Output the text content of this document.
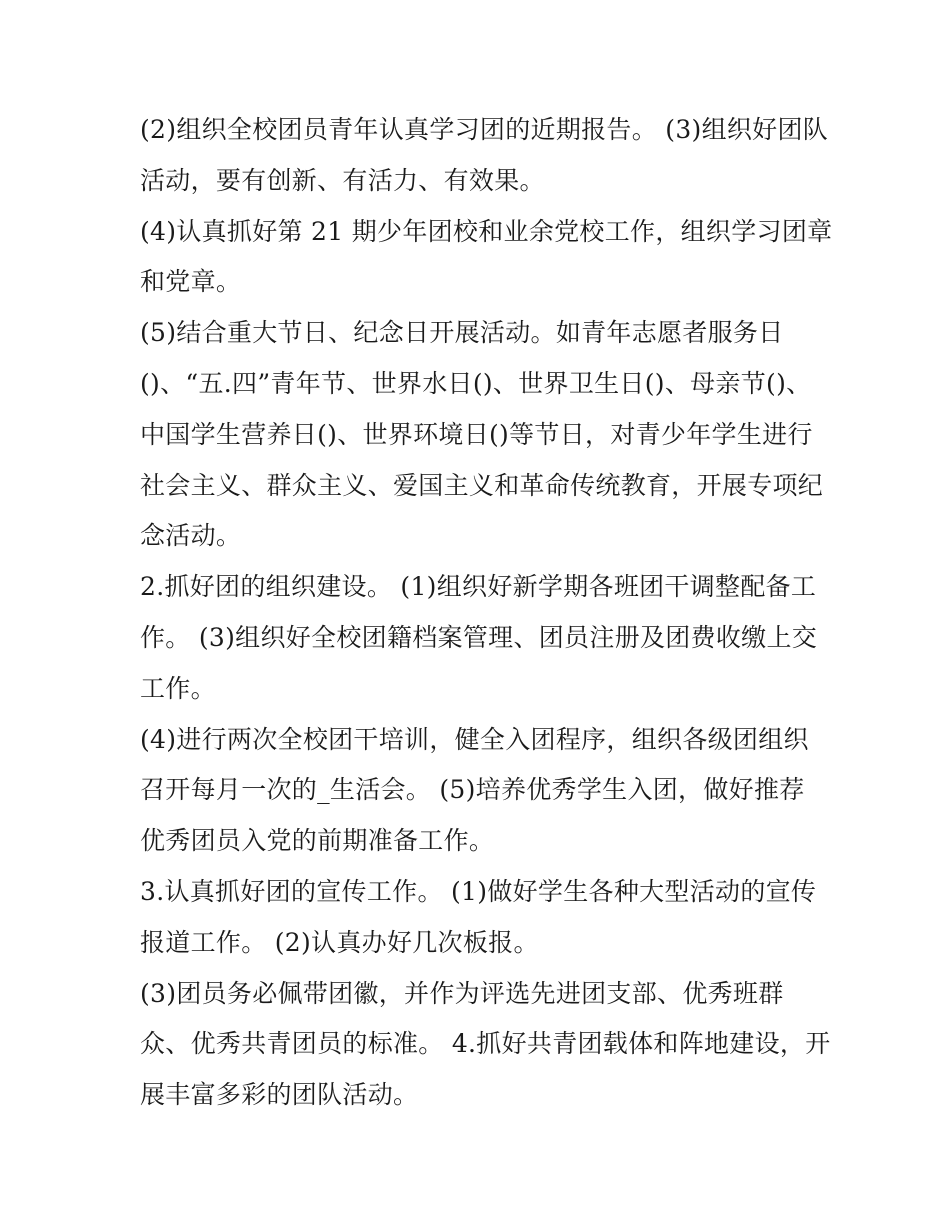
(2)组织全校团员青年认真学习团的近期报告。 (3)组织好团队
活动，要有创新、有活力、有效果。
(4)认真抓好第 21 期少年团校和业余党校工作，组织学习团章
和党章。
(5)结合重大节日、纪念日开展活动。如青年志愿者服务日
()、“五.四”青年节、世界水日()、世界卫生日()、母亲节()、
中国学生营养日()、世界环境日()等节日，对青少年学生进行
社会主义、群众主义、爱国主义和革命传统教育，开展专项纪
念活动。
2.抓好团的组织建设。 (1)组织好新学期各班团干调整配备工
作。 (3)组织好全校团籍档案管理、团员注册及团费收缴上交
工作。
(4)进行两次全校团干培训，健全入团程序，组织各级团组织
召开每月一次的_生活会。 (5)培养优秀学生入团，做好推荐
优秀团员入党的前期准备工作。
3.认真抓好团的宣传工作。 (1)做好学生各种大型活动的宣传
报道工作。 (2)认真办好几次板报。
(3)团员务必佩带团徽，并作为评选先进团支部、优秀班群
众、优秀共青团员的标准。 4.抓好共青团载体和阵地建设，开
展丰富多彩的团队活动。
